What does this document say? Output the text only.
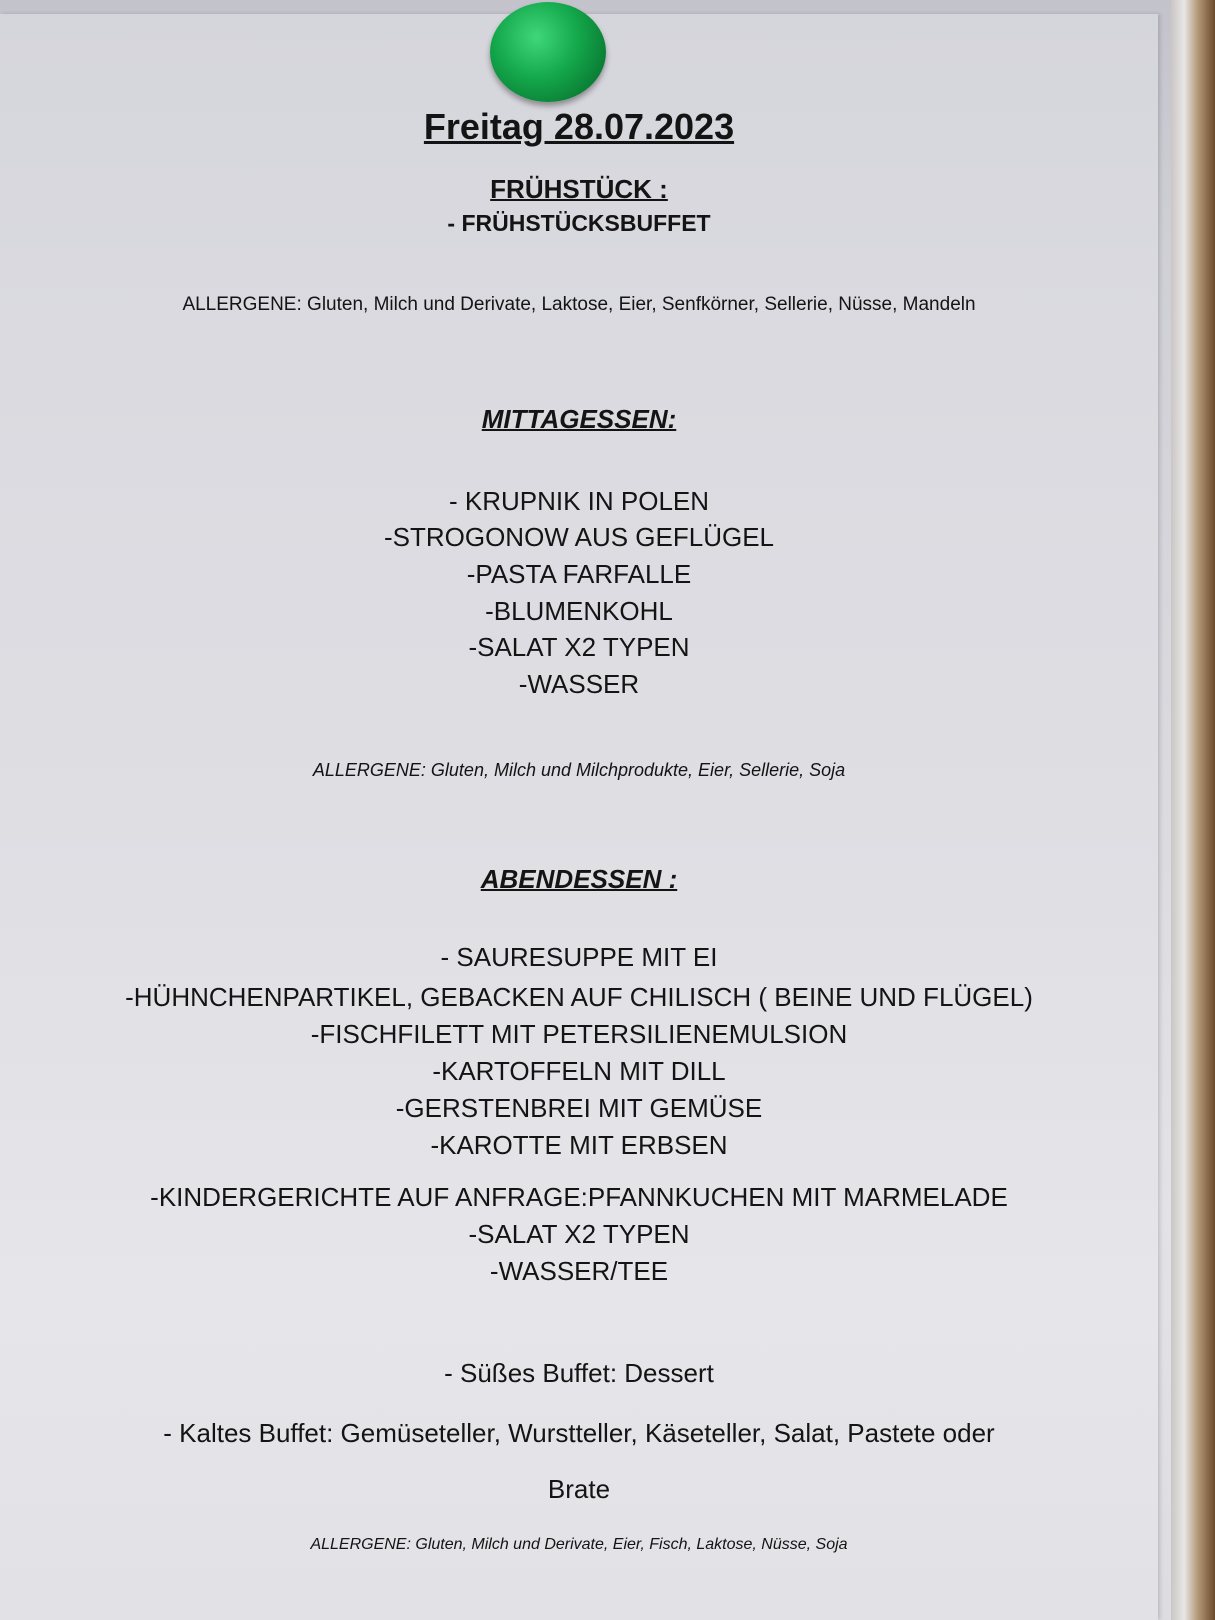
Freitag 28.07.2023
FRÜHSTÜCK :
- FRÜHSTÜCKSBUFFET
ALLERGENE: Gluten, Milch und Derivate, Laktose, Eier, Senfkörner, Sellerie, Nüsse, Mandeln
MITTAGESSEN:
- KRUPNIK IN POLEN
-STROGONOW AUS GEFLÜGEL
-PASTA FARFALLE
-BLUMENKOHL
-SALAT X2 TYPEN
-WASSER
ALLERGENE: Gluten, Milch und Milchprodukte, Eier, Sellerie, Soja
ABENDESSEN :
- SAURESUPPE MIT EI
-HÜHNCHENPARTIKEL, GEBACKEN AUF CHILISCH ( BEINE UND FLÜGEL)
-FISCHFILETT MIT PETERSILIENEMULSION
-KARTOFFELN MIT DILL
-GERSTENBREI MIT GEMÜSE
-KAROTTE MIT ERBSEN
-KINDERGERICHTE AUF ANFRAGE:PFANNKUCHEN MIT MARMELADE
-SALAT X2 TYPEN
-WASSER/TEE
- Süßes Buffet: Dessert
- Kaltes Buffet: Gemüseteller, Wurstteller, Käseteller, Salat, Pastete oder
Brate
ALLERGENE: Gluten, Milch und Derivate, Eier, Fisch, Laktose, Nüsse, Soja
